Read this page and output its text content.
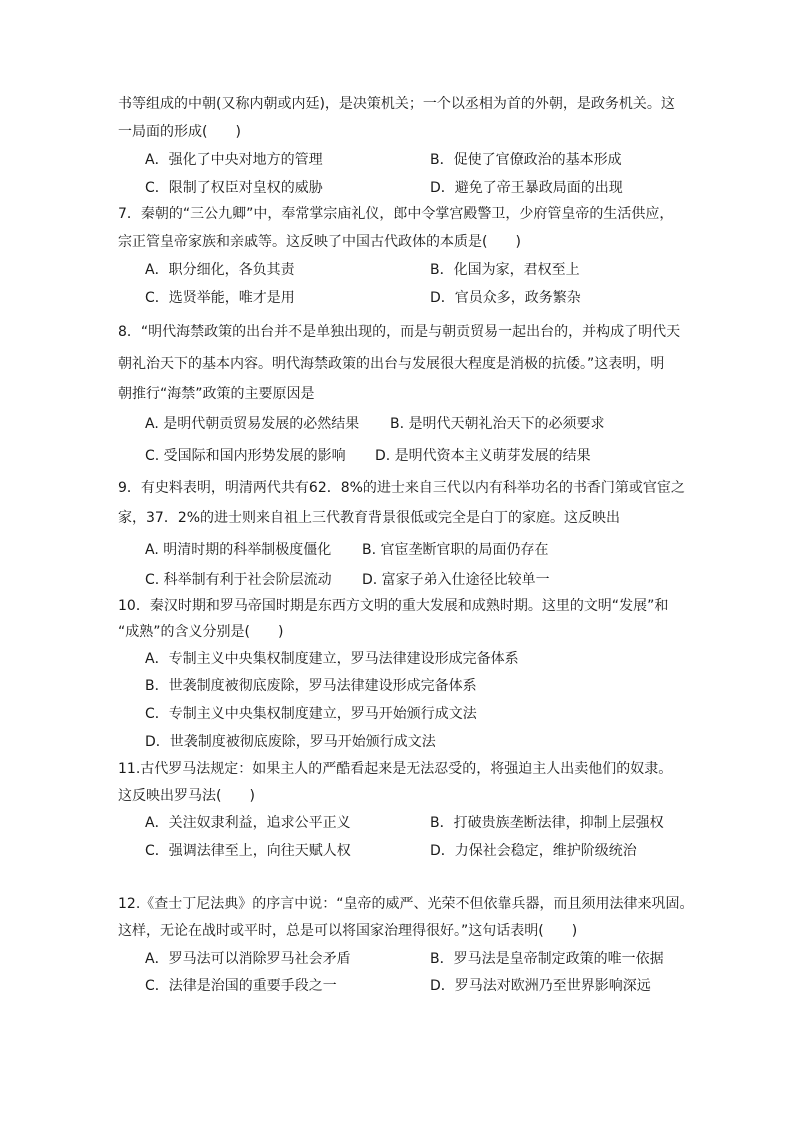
书等组成的中朝(又称内朝或内廷)，是决策机关；一个以丞相为首的外朝，是政务机关。这
一局面的形成(　　)
A．强化了中央对地方的管理	B．促使了官僚政治的基本形成
C．限制了权臣对皇权的威胁	D．避免了帝王暴政局面的出现
7．秦朝的“三公九卿”中，奉常掌宗庙礼仪，郎中令掌宫殿警卫，少府管皇帝的生活供应，
宗正管皇帝家族和亲戚等。这反映了中国古代政体的本质是(　　)
A．职分细化，各负其责	B．化国为家，君权至上
C．选贤举能，唯才是用	D．官员众多，政务繁杂
8．“明代海禁政策的出台并不是单独出现的，而是与朝贡贸易一起出台的，并构成了明代天
朝礼治天下的基本内容。明代海禁政策的出台与发展很大程度是消极的抗倭。”这表明，明
朝推行“海禁”政策的主要原因是
A. 是明代朝贡贸易发展的必然结果 B. 是明代天朝礼治天下的必须要求
C. 受国际和国内形势发展的影响 D. 是明代资本主义萌芽发展的结果
9．有史料表明，明清两代共有62．8%的进士来自三代以内有科举功名的书香门第或官宦之
家，37．2%的进士则来自祖上三代教育背景很低或完全是白丁的家庭。这反映出
A. 明清时期的科举制极度僵化 B. 官宦垄断官职的局面仍存在
C. 科举制有利于社会阶层流动 D. 富家子弟入仕途径比较单一
10．秦汉时期和罗马帝国时期是东西方文明的重大发展和成熟时期。这里的文明“发展”和
“成熟”的含义分别是(　　)
A．专制主义中央集权制度建立，罗马法律建设形成完备体系
B．世袭制度被彻底废除，罗马法律建设形成完备体系
C．专制主义中央集权制度建立，罗马开始颁行成文法
D．世袭制度被彻底废除，罗马开始颁行成文法
11.古代罗马法规定：如果主人的严酷看起来是无法忍受的，将强迫主人出卖他们的奴隶。
这反映出罗马法(　　)
A．关注奴隶利益，追求公平正义	B．打破贵族垄断法律，抑制上层强权
C．强调法律至上，向往天赋人权	D．力保社会稳定，维护阶级统治
12.《查士丁尼法典》的序言中说：“皇帝的威严、光荣不但依靠兵器，而且须用法律来巩固。
这样，无论在战时或平时，总是可以将国家治理得很好。”这句话表明(　　)
A．罗马法可以消除罗马社会矛盾	B．罗马法是皇帝制定政策的唯一依据
C．法律是治国的重要手段之一	D．罗马法对欧洲乃至世界影响深远
